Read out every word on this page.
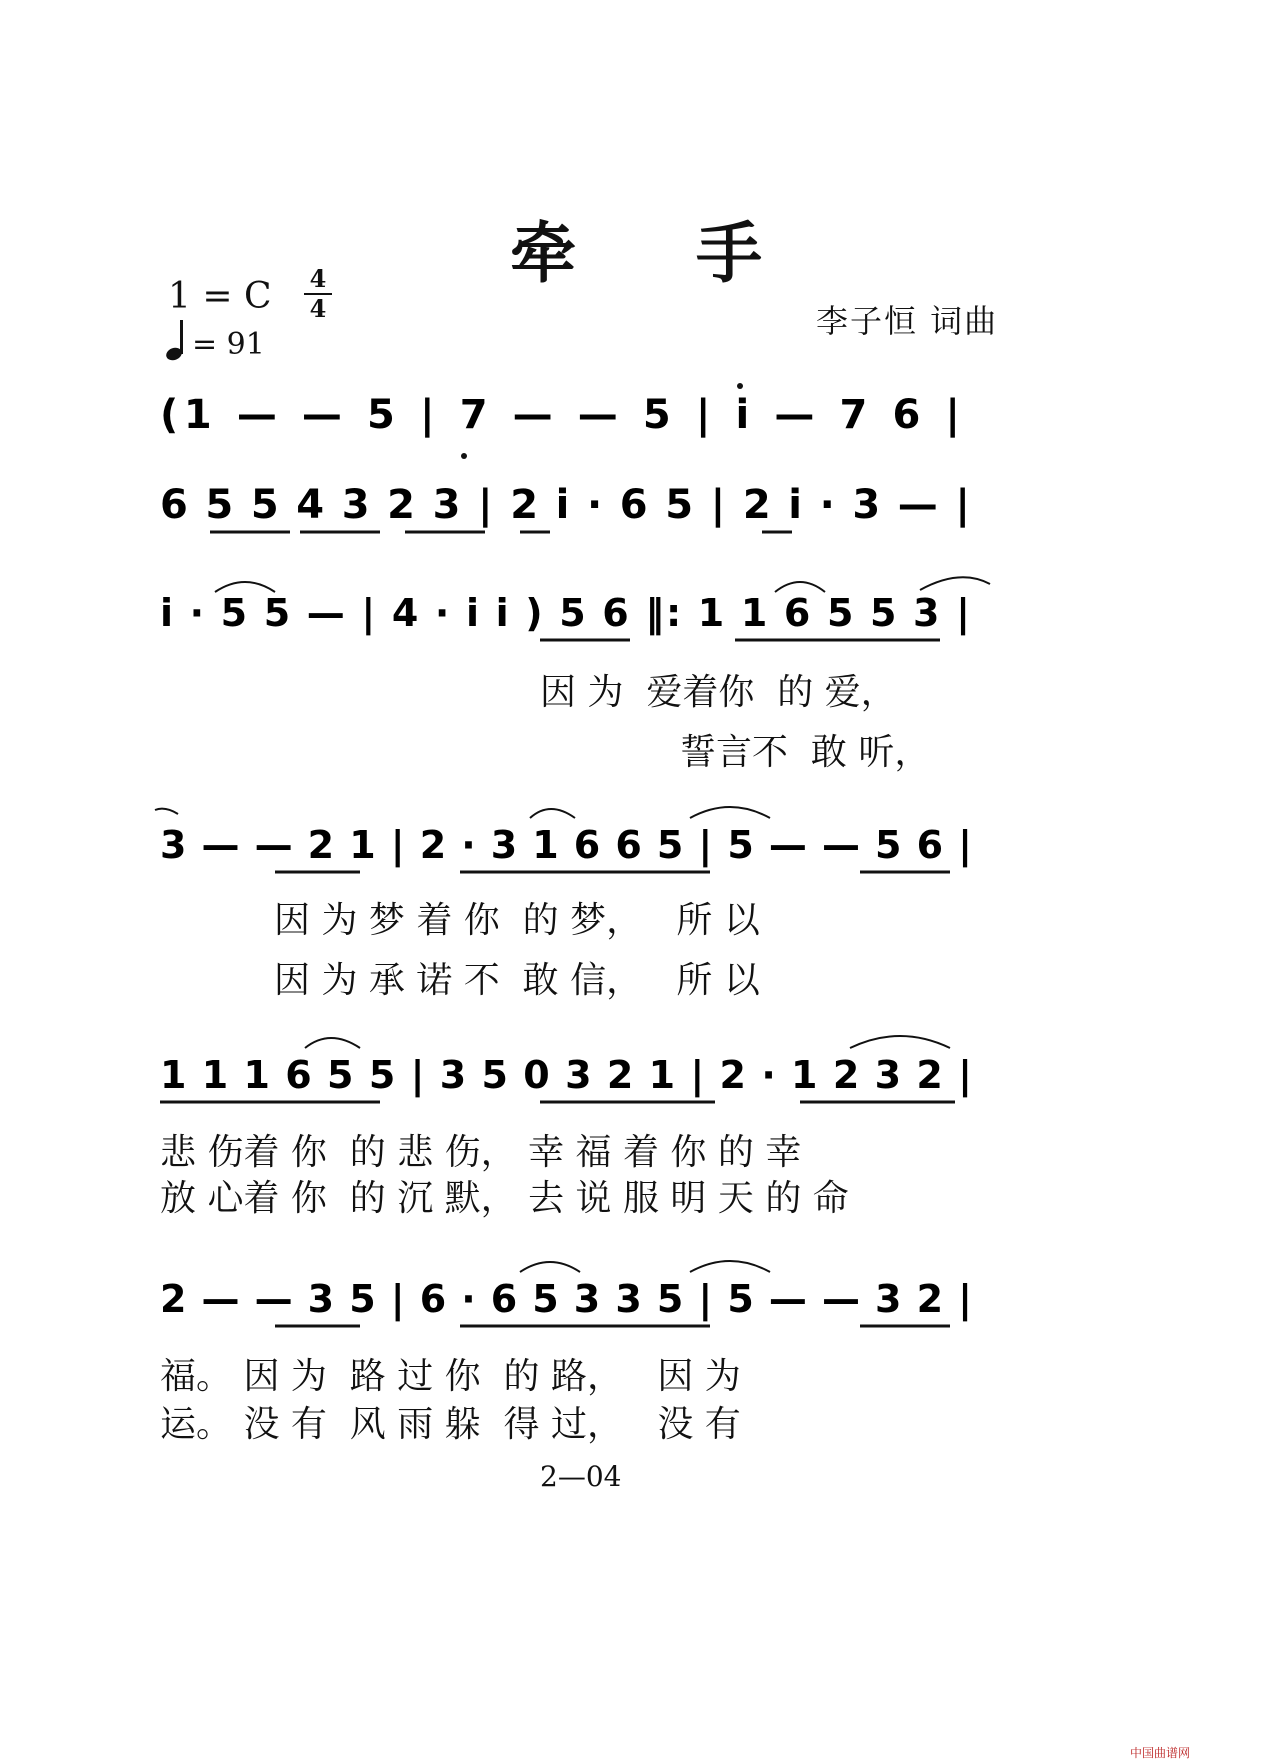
牵 手
1 = C 4
4
= 91
李子恒 词曲
(1 — — 5 | 7 — — 5 | i — 7 6 |
6 5 5 4 3 2 3 | 2 i · 6 5 | 2 i · 3 — |
i · 5 5 — | 4 · i i ) 5 6 ‖: 1 1 6 5 5 3 |
因 为  爱着你  的 爱，
誓言不  敢 听，
3 — — 2 1 | 2 · 3 1 6 6 5 | 5 — — 5 6 |
因 为 梦 着 你  的 梦，   所 以
因 为 承 诺 不  敢 信，   所 以
1 1 1 6 5 5 | 3 5 0 3 2 1 | 2 · 1 2 3 2 |
悲 伤着 你  的 悲 伤， 幸 福 着 你 的 幸
放 心着 你  的 沉 默， 去 说 服 明 天 的 命
2 — — 3 5 | 6 · 6 5 3 3 5 | 5 — — 3 2 |
福。 因 为  路 过 你  的 路，   因 为
运。 没 有  风 雨 躲  得 过，   没 有
2—04
中国曲谱网
